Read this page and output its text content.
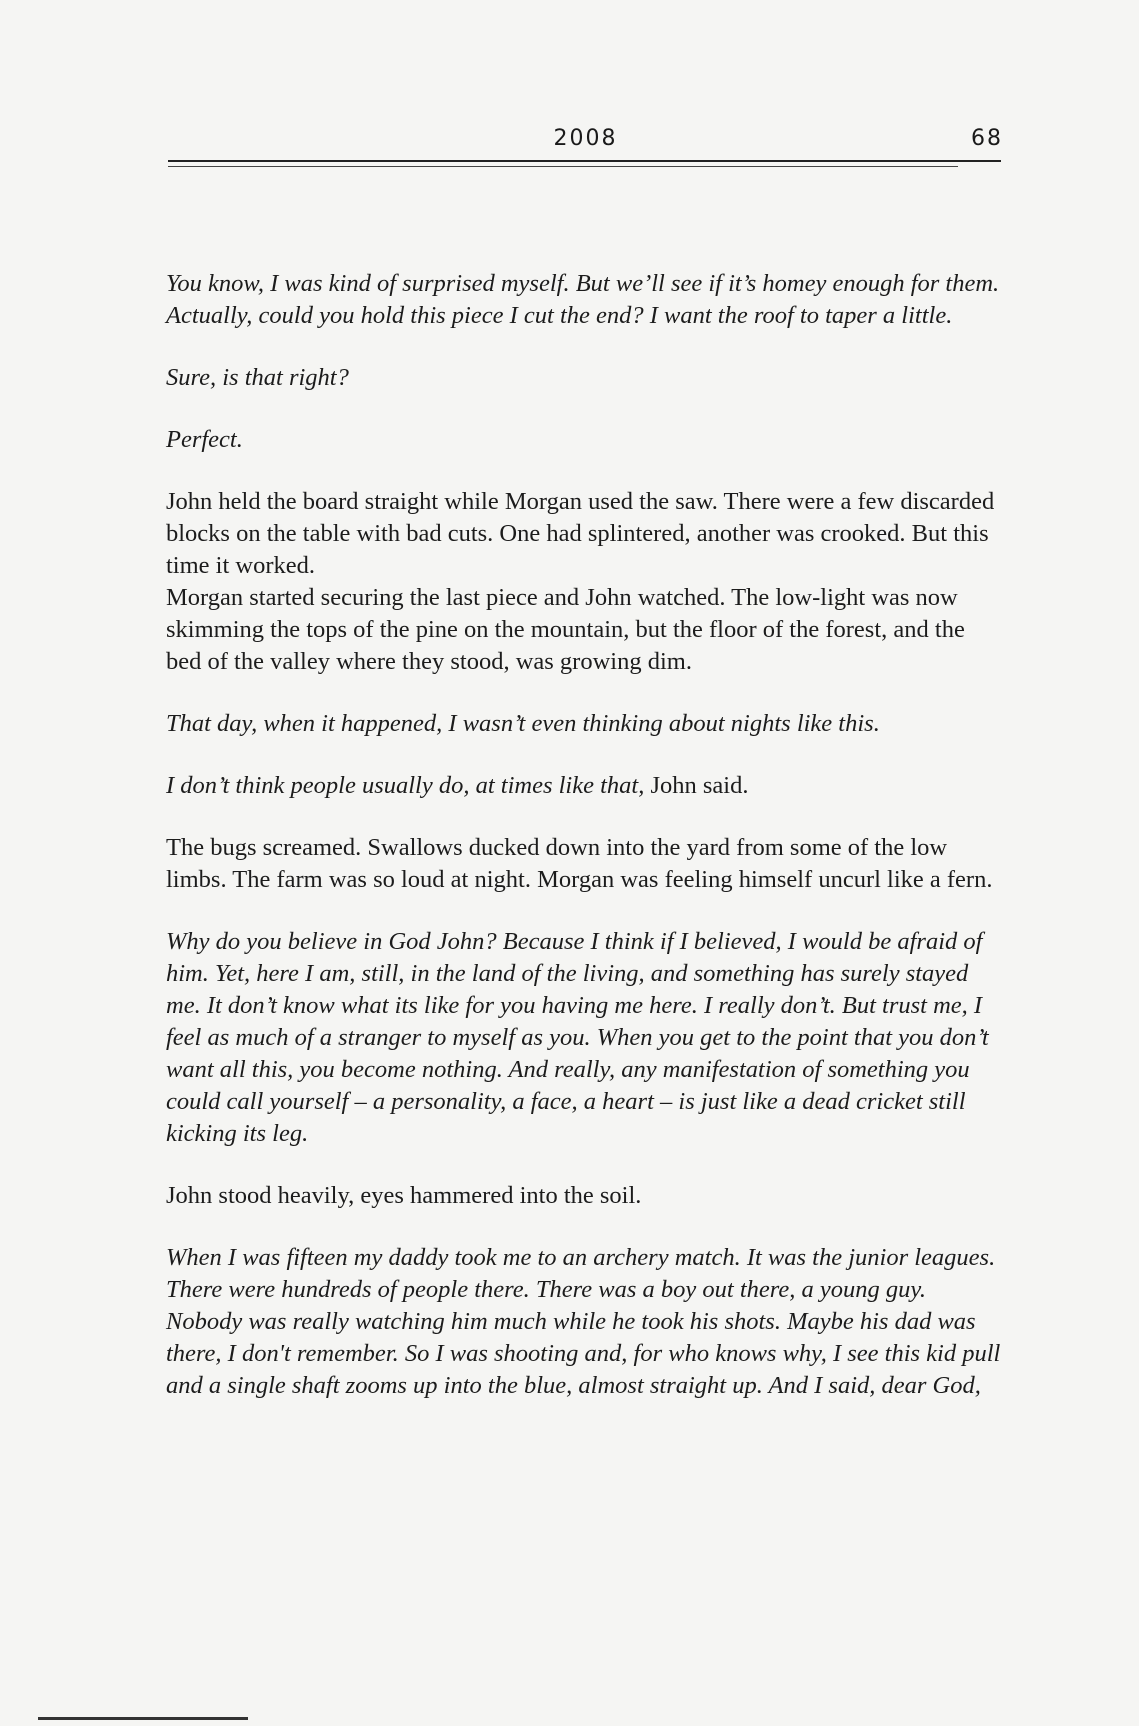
2008	68

You know, I was kind of surprised myself. But we’ll see if it’s homey enough for them. Actually, could you hold this piece I cut the end? I want the roof to taper a little.

Sure, is that right?

Perfect.

John held the board straight while Morgan used the saw. There were a few discarded blocks on the table with bad cuts. One had splintered, another was crooked. But this time it worked.

Morgan started securing the last piece and John watched. The low-light was now skimming the tops of the pine on the mountain, but the floor of the forest, and the bed of the valley where they stood, was growing dim.

That day, when it happened, I wasn’t even thinking about nights like this.

I don’t think people usually do, at times like that, John said.

The bugs screamed. Swallows ducked down into the yard from some of the low limbs. The farm was so loud at night. Morgan was feeling himself uncurl like a fern.

Why do you believe in God John? Because I think if I believed, I would be afraid of him. Yet, here I am, still, in the land of the living, and something has surely stayed me. It don’t know what its like for you having me here. I really don’t. But trust me, I feel as much of a stranger to myself as you. When you get to the point that you don’t want all this, you become nothing. And really, any manifestation of something you could call yourself – a personality, a face, a heart – is just like a dead cricket still kicking its leg.

John stood heavily, eyes hammered into the soil.

When I was fifteen my daddy took me to an archery match. It was the junior leagues. There were hundreds of people there. There was a boy out there, a young guy. Nobody was really watching him much while he took his shots. Maybe his dad was there, I don't remember. So I was shooting and, for who knows why, I see this kid pull and a single shaft zooms up into the blue, almost straight up. And I said, dear God,
